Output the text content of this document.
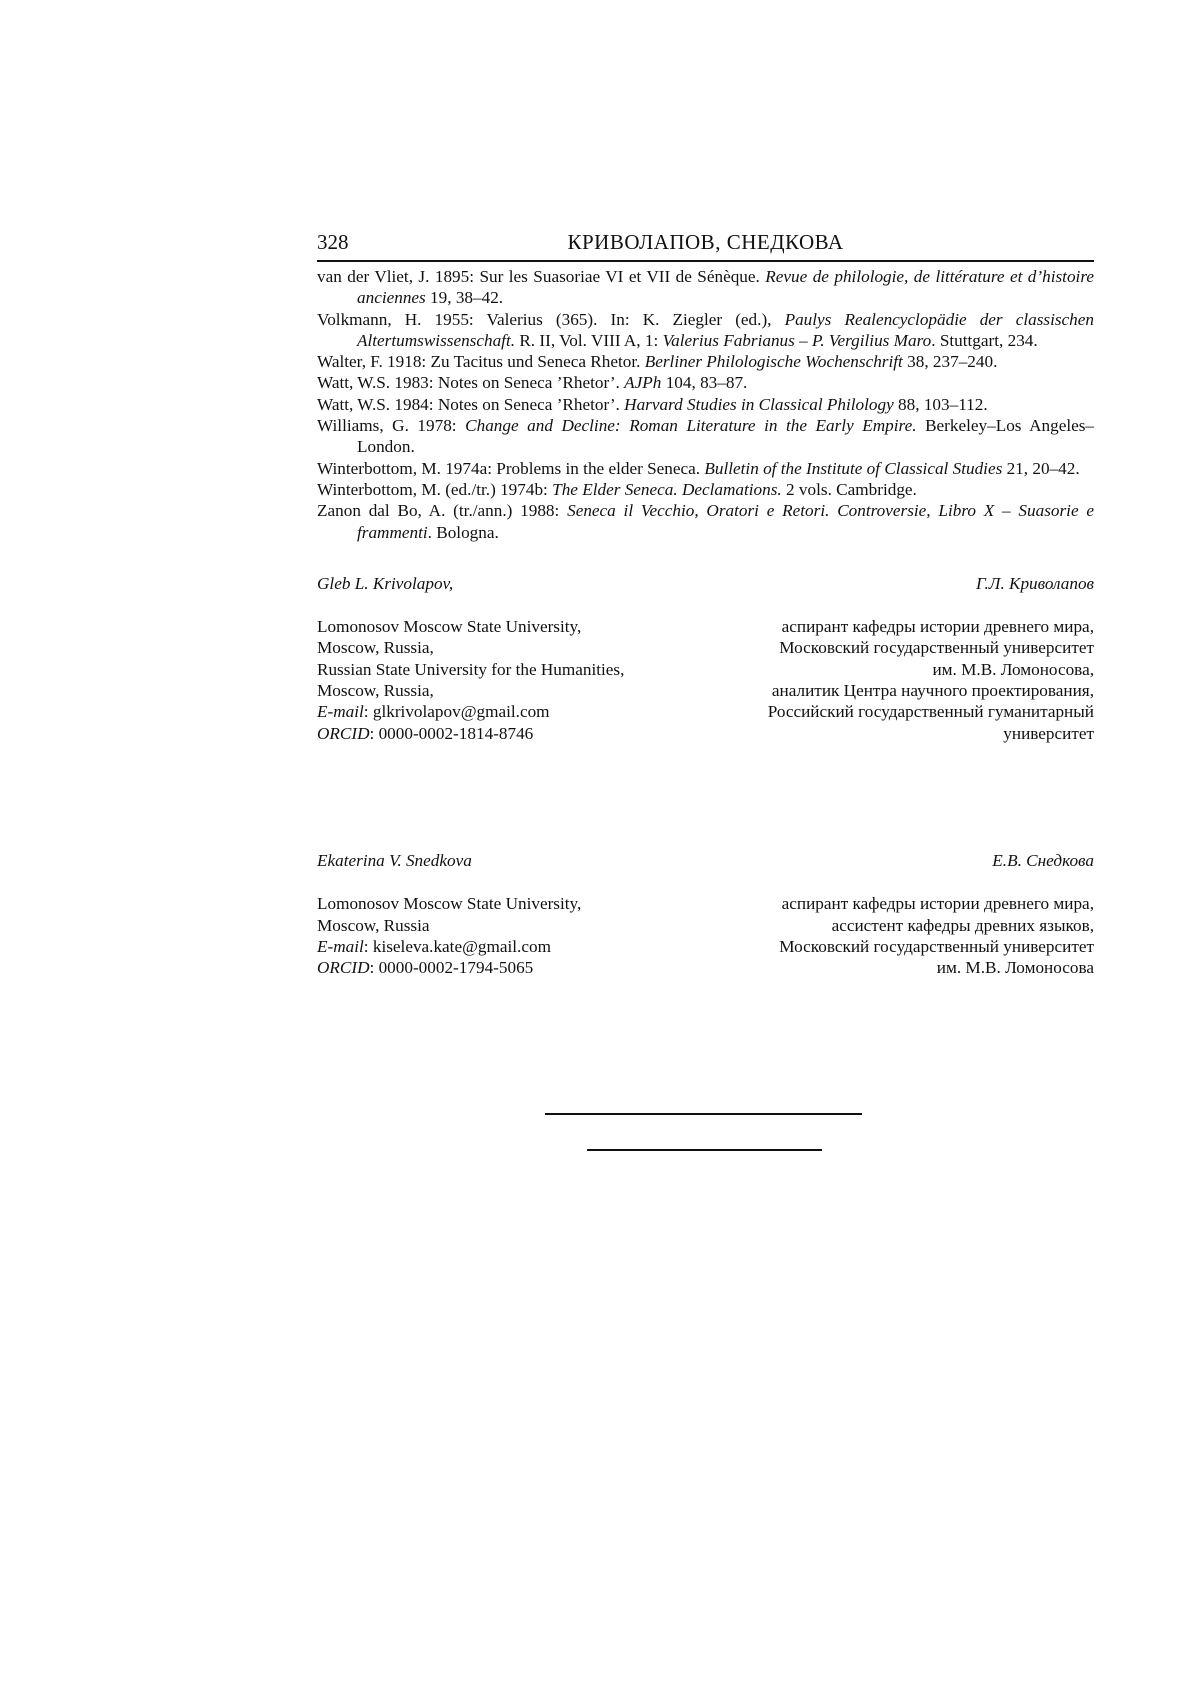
328	КРИВОЛАПОВ, СНЕДКОВА
van der Vliet, J. 1895: Sur les Suasoriae VI et VII de Sénèque. Revue de philologie, de littérature et d’histoire anciennes 19, 38–42.
Volkmann, H. 1955: Valerius (365). In: K. Ziegler (ed.), Paulys Realencyclopädie der classischen Altertumswissenschaft. R. II, Vol. VIII A, 1: Valerius Fabrianus – P. Vergilius Maro. Stuttgart, 234.
Walter, F. 1918: Zu Tacitus und Seneca Rhetor. Berliner Philologische Wochenschrift 38, 237–240.
Watt, W.S. 1983: Notes on Seneca ’Rhetor’. AJPh 104, 83–87.
Watt, W.S. 1984: Notes on Seneca ’Rhetor’. Harvard Studies in Classical Philology 88, 103–112.
Williams, G. 1978: Change and Decline: Roman Literature in the Early Empire. Berkeley–Los Angeles–London.
Winterbottom, M. 1974a: Problems in the elder Seneca. Bulletin of the Institute of Classical Studies 21, 20–42.
Winterbottom, M. (ed./tr.) 1974b: The Elder Seneca. Declamations. 2 vols. Cambridge.
Zanon dal Bo, A. (tr./ann.) 1988: Seneca il Vecchio, Oratori e Retori. Controversie, Libro X – Suasorie e frammenti. Bologna.
Gleb L. Krivolapov,	Г.Л. Криволапов
Lomonosov Moscow State University,
Moscow, Russia,
Russian State University for the Humanities,
Moscow, Russia,
E-mail: glkrivolapov@gmail.com
ORCID: 0000-0002-1814-8746
аспирант кафедры истории древнего мира,
Московский государственный университет
им. М.В. Ломоносова,
аналитик Центра научного проектирования,
Российский государственный гуманитарный
университет
Ekaterina V. Snedkova	Е.В. Снедкова
Lomonosov Moscow State University,
Moscow, Russia
E-mail: kiseleva.kate@gmail.com
ORCID: 0000-0002-1794-5065
аспирант кафедры истории древнего мира,
ассистент кафедры древних языков,
Московский государственный университет
им. М.В. Ломоносова
